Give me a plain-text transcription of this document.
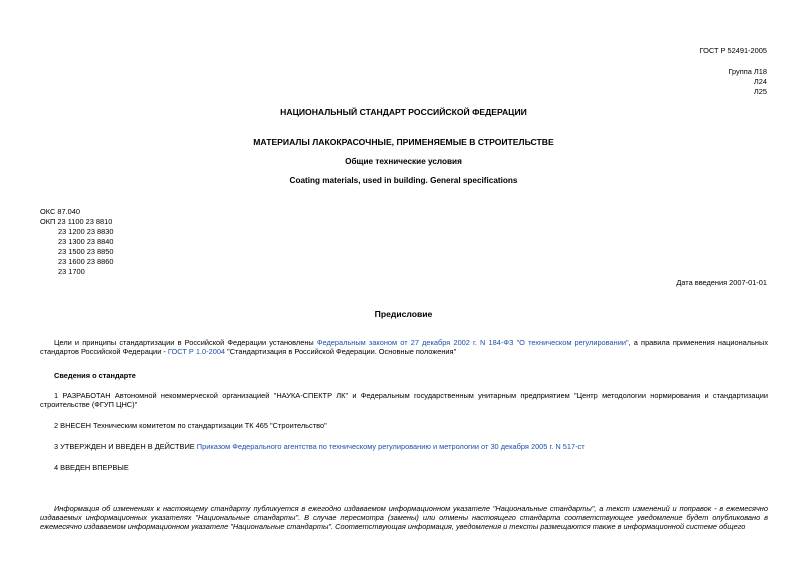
ГОСТ Р 52491-2005
Группа Л18
Л24
Л25
НАЦИОНАЛЬНЫЙ СТАНДАРТ РОССИЙСКОЙ ФЕДЕРАЦИИ
МАТЕРИАЛЫ ЛАКОКРАСОЧНЫЕ, ПРИМЕНЯЕМЫЕ В СТРОИТЕЛЬСТВЕ
Общие технические условия
Coating materials, used in building. General specifications
ОКС 87.040
ОКП 23 1100 23 8810
23 1200 23 8830
23 1300 23 8840
23 1500 23 8850
23 1600 23 8860
23 1700
Дата введения 2007-01-01
Предисловие
Цели и принципы стандартизации в Российской Федерации установлены Федеральным законом от 27 декабря 2002 г. N 184-ФЗ "О техническом регулировании", а правила применения национальных стандартов Российской Федерации - ГОСТ Р 1.0-2004 "Стандартизация в Российской Федерации. Основные положения"
Сведения о стандарте
1 РАЗРАБОТАН Автономной некоммерческой организацией "НАУКА-СПЕКТР ЛК" и Федеральным государственным унитарным предприятием "Центр методологии нормирования и стандартизации строительстве (ФГУП ЦНС)"
2 ВНЕСЕН Техническим комитетом по стандартизации ТК 465 "Строительство"
3 УТВЕРЖДЕН И ВВЕДЕН В ДЕЙСТВИЕ Приказом Федерального агентства по техническому регулированию и метрологии от 30 декабря 2005 г. N 517-ст
4 ВВЕДЕН ВПЕРВЫЕ
Информация об изменениях к настоящему стандарту публикуется в ежегодно издаваемом информационном указателе "Национальные стандарты", а текст изменений и поправок - в ежемесячно издаваемых информационных указателях "Национальные стандарты". В случае пересмотра (замены) или отмены настоящего стандарта соответствующее уведомление будет опубликовано в ежемесячно издаваемом информационном указателе "Национальные стандарты". Соответствующая информация, уведомления и тексты размещаются также в информационной системе общего
